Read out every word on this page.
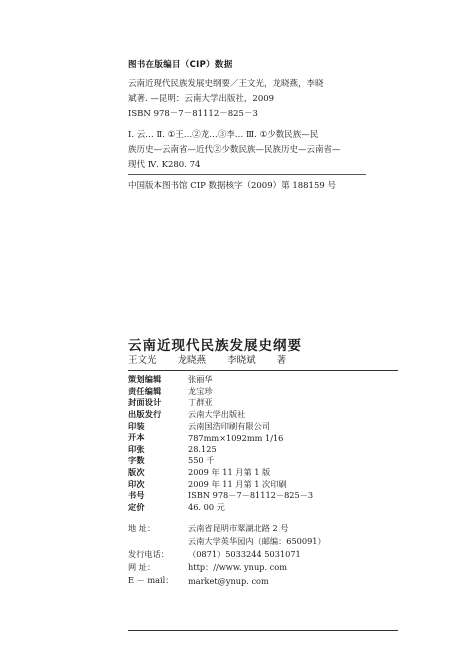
图书在版编目（CIP）数据
云南近现代民族发展史纲要／王文光，龙晓燕，李晓
斌著. —昆明：云南大学出版社，2009
ISBN 978－7－81112－825－3
Ⅰ. 云… Ⅱ. ①王…②龙…③李… Ⅲ. ①少数民族—民
族历史—云南省—近代②少数民族—民族历史—云南省—
现代 Ⅳ. K280. 74
中国版本图书馆 CIP 数据核字（2009）第 188159 号
云南近现代民族发展史纲要
王文光 龙晓燕 李晓斌 著
策划编辑	张丽华
责任编辑	龙宝珍
封面设计	丁群亚
出版发行	云南大学出版社
印装	云南国浩印刷有限公司
开本	787mm×1092mm 1/16
印张	28.125
字数	550 千
版次	2009 年 11 月第 1 版
印次	2009 年 11 月第 1 次印刷
书号	ISBN 978－7－81112－825－3
定价	46. 00 元
地 址：	云南省昆明市翠湖北路 2 号
云南大学英华园内（邮编：650091）
发行电话：	（0871）5033244 5031071
网 址：	http：//www. ynup. com
E － mail：	market@ynup. com
